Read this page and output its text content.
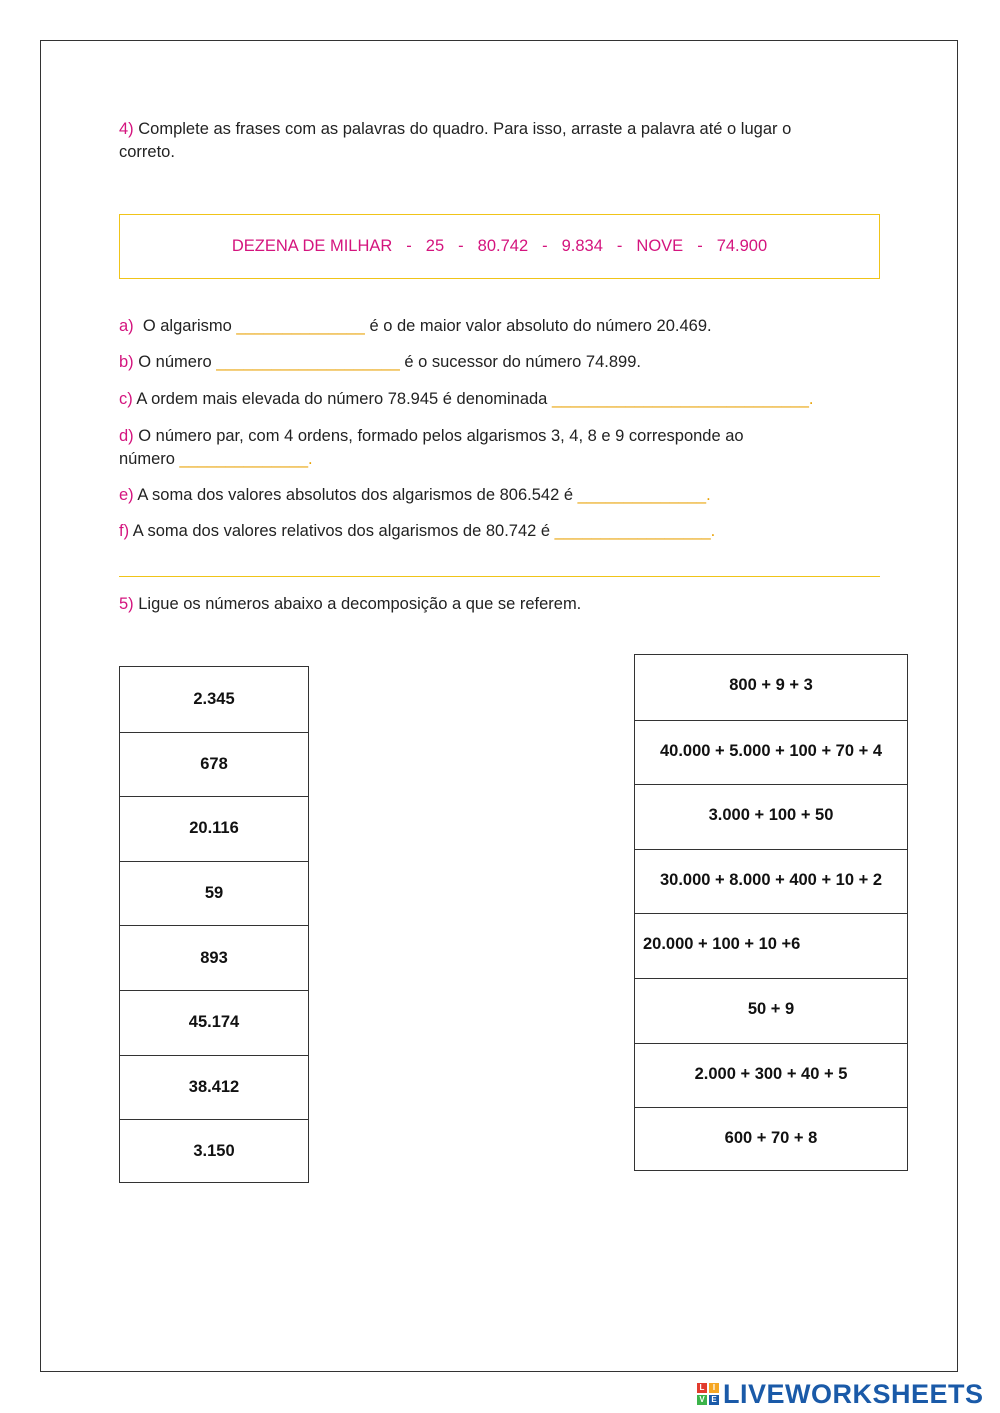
4) Complete as frases com as palavras do quadro. Para isso, arraste a palavra até o lugar o
correto.
DEZENA DE MILHAR - 25 - 80.742 - 9.834 - NOVE - 74.900
a)  O algarismo ______________ é o de maior valor absoluto do número 20.469.
b) O número ____________________ é o sucessor do número 74.899.
c) A ordem mais elevada do número 78.945 é denominada ____________________________.
d) O número par, com 4 ordens, formado pelos algarismos 3, 4, 8 e 9 corresponde ao
número ______________.
e) A soma dos valores absolutos dos algarismos de 806.542 é ______________.
f) A soma dos valores relativos dos algarismos de 80.742 é _________________.
5) Ligue os números abaixo a decomposição a que se referem.
2.345
678
20.116
59
893
45.174
38.412
3.150
800 + 9 + 3
40.000 + 5.000 + 100 + 70 + 4
3.000 + 100 + 50
30.000 + 8.000 + 400 + 10 + 2
20.000 + 100 + 10 +6
50 + 9
2.000 + 300 + 40 + 5
600 + 70 + 8
L	I
V E LIVEWORKSHEETS
